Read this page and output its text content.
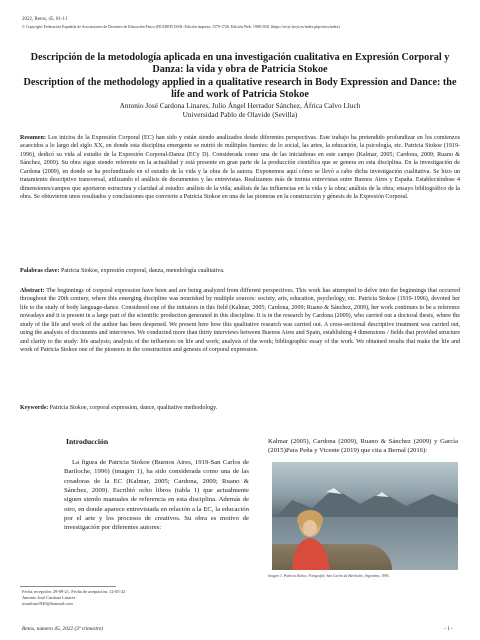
2022, Retos, 45, 01-11
© Copyright: Federación Española de Asociaciones de Docentes de Educación Física (FEADEF) ISSN: Edición impresa: 1579-1726. Edición Web: 1988-2041 (https://recyt.fecyt.es/index.php/retos/index)
Descripción de la metodología aplicada en una investigación cualitativa en Expresión Corporal y Danza: la vida y obra de Patricia Stokoe
Description of the methodology applied in a qualitative research in Body Expression and Dance: the life and work of Patricia Stokoe
Antonio José Cardona Linares, Julio Ángel Herrador Sánchez, África Calvo Lluch
Universidad Pablo de Olavide (Sevilla)

Resumen: Los inicios de la Expresión Corporal (EC) han sido y están siendo analizados desde diferentes perspectivas. Este trabajo ha pretendido profundizar en los comienzos acaecidos a lo largo del siglo XX, en donde esta disciplina emergente se nutrió de múltiples fuentes: de lo social, las artes, la educación, la psicología, etc. Patricia Stokoe (1919-1996), dedicó su vida al estudio de la Expresión Corporal-Danza (ECy D). Considerada como una de las iniciadoras en este campo (Kalmar, 2005; Cardona, 2009; Ruano & Sánchez, 2009). Su obra sigue siendo referente en la actualidad y está presente en gran parte de la producción científica que se genera en esta disciplina. En la investigación de Cardona (2009), en donde se ha profundizado en el estudio de la vida y la obra de la autora. Exponemos aquí cómo se llevó a cabo dicha investigación cualitativa. Se hizo un tratamiento descriptivo transversal, utilizando el análisis de documentos y las entrevistas. Realizamos más de treinta entrevistas entre Buenos Aires y España. Estableciéndose 4 dimensiones/campos que aportaron estructura y claridad al estudio: análisis de la vida; análisis de las influencias en la vida y la obra; análisis de la obra; ensayo bibliográfico de la obra. Se obtuvieron unos resultados y conclusiones que convierte a Patricia Stokoe en una de las pioneras en la construcción y génesis de la Expresión Corporal.

Palabras clave: Patricia Stokoe, expresión corporal, danza, metodología cualitativa.

Abstract: The beginnings of corporal expression have been and are being analyzed from different perspectives. This work has attempted to delve into the beginnings that occurred throughout the 20th century, where this emerging discipline was nourished by multiple sources: society, arts, education, psychology, etc. Patricia Stokoe (1919-1996), devoted her life to the study of body language-dance. Considered one of the initiators in this field (Kalmar, 2005; Cardona, 2009; Ruano & Sánchez, 2009), her work continues to be a reference nowadays and it is present in a large part of the scientific production generated in this discipline. It is in the research by Cardona (2009), who carried out a doctoral thesis, where the study of the life and work of the author has been deepened. We present here how this qualitative research was carried out. A cross-sectional descriptive treatment was carried out, using the analysis of documents and interviews. We conducted more than thirty interviews between Buenos Aires and Spain, establishing 4 dimensions / fields that provided structure and clarity to the study: life analysis; analysis of the influences on life and work; analysis of the work; bibliographic essay of the work. We obtained results that make the life and work of Patricia Stokoe one of the pioneers in the construction and genesis of corporal expression.

Keywords: Patricia Stokoe, corporal expression, dance, qualitative methodology.

Introducción

La figura de Patricia Stokoe (Buenos Aires, 1919-San Carlos de Bariloche, 1996) (imagen 1), ha sido considerada como una de las creadoras de la EC (Kalmar, 2005; Cardona, 2009; Ruano & Sánchez, 2009). Escribió ocho libros (tabla 1) que actualmente siguen siendo manuales de referencia en esta disciplina. Además de otro, en donde aparece entrevistada en relación a la EC, la educación por el arte y los procesos de creativos. Su obra es motivo de investigación por diferentes autores:

Kalmar (2005), Cardona (2009), Ruano & Sánchez (2009) y García (2015).

Para Peña y Vicente (2019) que cita a Bernal (2016):

Imagen 1. Patricia Stokoe. Fotografía: San Carlos de Bariloche, Argentina, 1996.
Fecha recepción: 29-09-21. Fecha de aceptación: 12-05-22
Antonio José Cardona Linares
acardona1949@hotmail.com
Retos, número 45, 2022 (3º trimestre)	- 1 -
